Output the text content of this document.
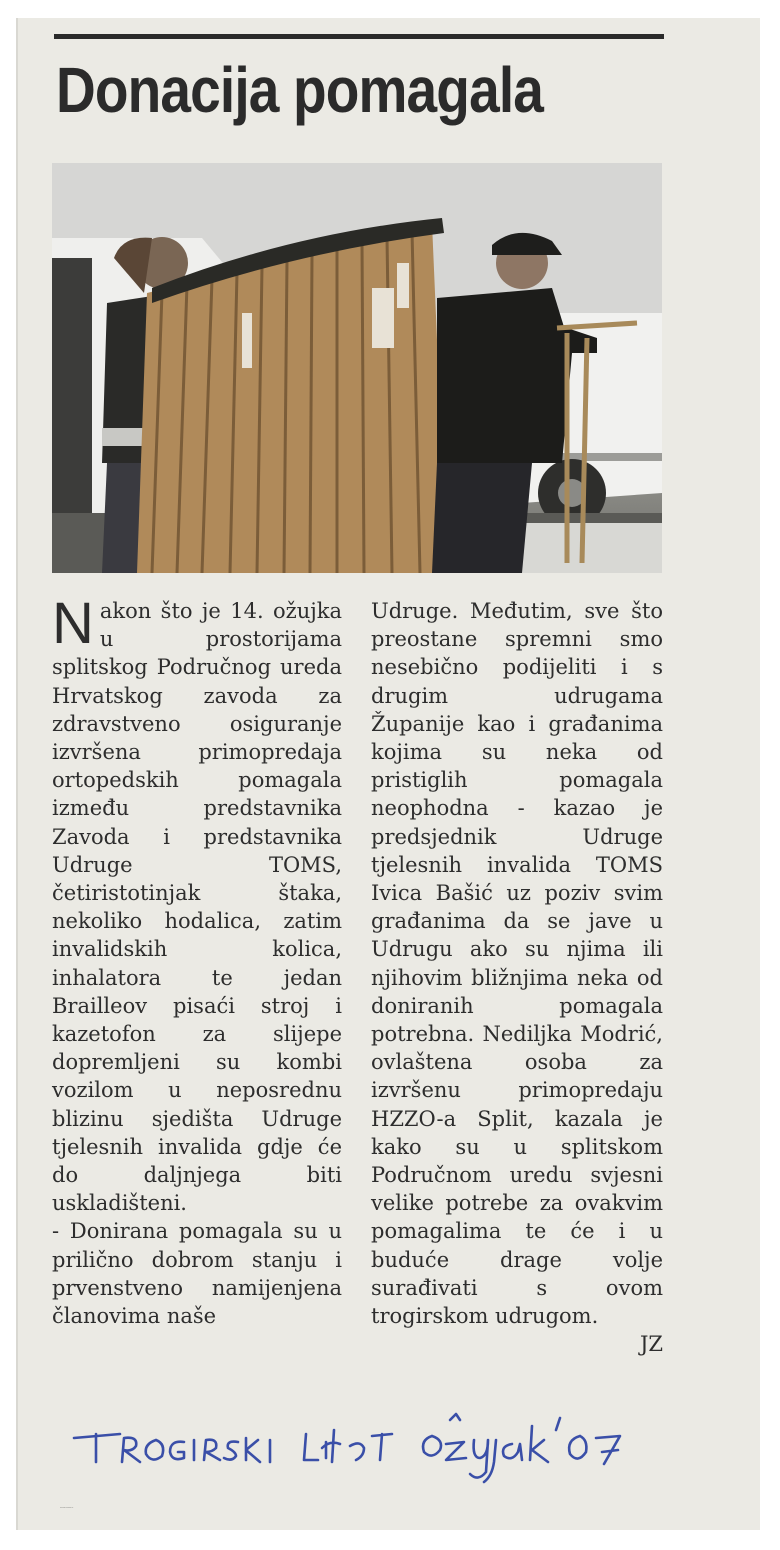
Donacija pomagala
N akon što je 14. ožujka u prostorijama splitskog Područnog ureda Hrvatskog zavoda za zdravstveno osiguranje izvršena primopredaja ortopedskih pomagala između predstavnika Zavoda i predstavnika Udruge TOMS, četiristotinjak štaka, nekoliko hodalica, zatim invalidskih kolica, inhalatora te jedan Brailleov pisaći stroj i kazetofon za slijepe dopremljeni su kombi vozilom u neposrednu blizinu sjedišta Udruge tjelesnih invalida gdje će do daljnjega biti uskladišteni.

- Donirana pomagala su u prilično dobrom stanju i prvenstveno namijenjena članovima naše

Udruge. Međutim, sve što preostane spremni smo nesebično podijeliti i s drugim udrugama Županije kao i građanima kojima su neka od pristiglih pomagala neophodna - kazao je predsjednik Udruge tjelesnih invalida TOMS Ivica Bašić uz poziv svim građanima da se jave u Udrugu ako su njima ili njihovim bližnjima neka od doniranih pomagala potrebna. Nediljka Modrić, ovlaštena osoba za izvršenu primopredaju HZZO-a Split, kazala je kako su u splitskom Područnom uredu svjesni velike potrebe za ovakvim pomagalima te će i u buduće drage volje surađivati s ovom trogirskom udrugom.

JZ
